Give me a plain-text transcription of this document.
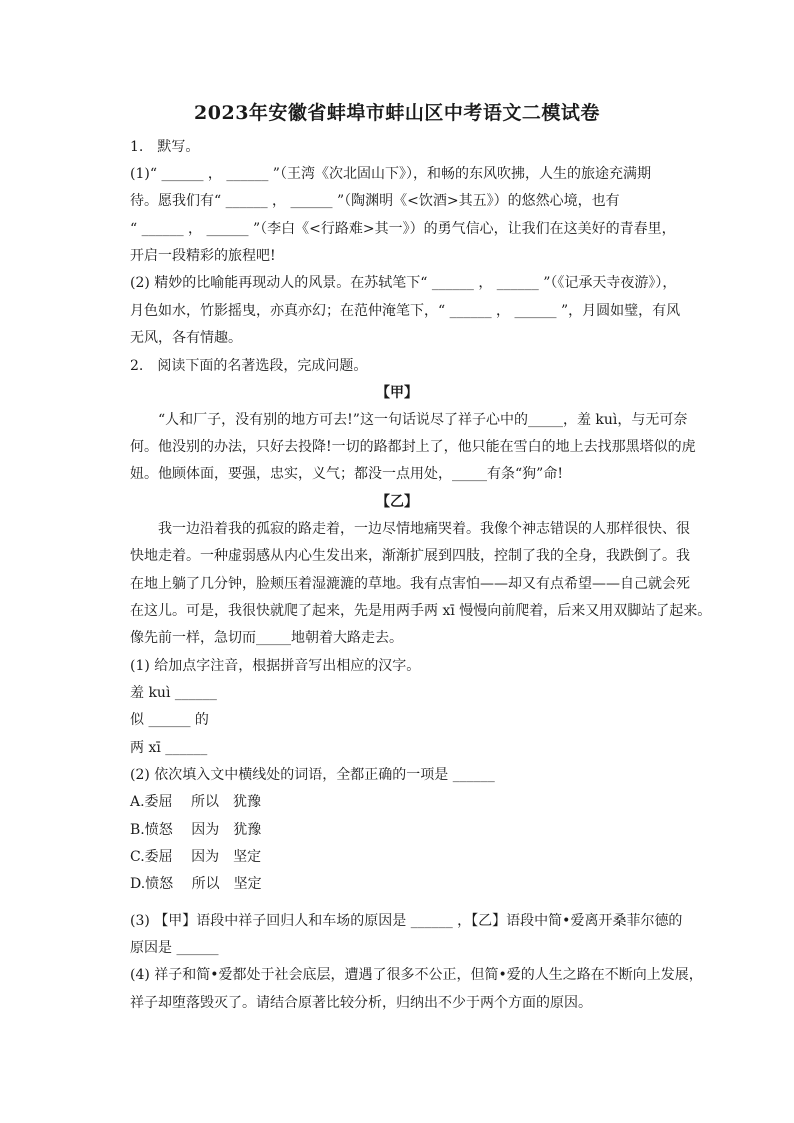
2023年安徽省蚌埠市蚌山区中考语文二模试卷
1.　默写。
(1)“ ______ ， ______ ”（王湾《次北固山下》），和畅的东风吹拂，人生的旅途充满期
待。愿我们有“ ______ ， ______ ”（陶渊明《<饮酒>其五》）的悠然心境，也有
“ ______ ， ______ ”（李白《<行路难>其一》）的勇气信心，让我们在这美好的青春里，
开启一段精彩的旅程吧!
(2) 精妙的比喻能再现动人的风景。在苏轼笔下“ ______ ， ______ ”（《记承天寺夜游》），
月色如水，竹影摇曳，亦真亦幻；在范仲淹笔下，“ ______ ， ______ ”，月圆如璧，有风
无风，各有情趣。
2.　阅读下面的名著选段，完成问题。
【甲】
“人和厂子，没有别的地方可去!”这一句话说尽了祥子心中的_____，羞 kuì，与无可奈
何。他没别的办法，只好去投降!一切的路都封上了，他只能在雪白的地上去找那黑塔似的虎
妞。他顾体面，要强，忠实，义气；都没一点用处，_____有条“狗”命!
【乙】
我一边沿着我的孤寂的路走着，一边尽情地痛哭着。我像个神志错误的人那样很快、很
快地走着。一种虚弱感从内心生发出来，渐渐扩展到四肢，控制了我的全身，我跌倒了。我
在地上躺了几分钟，脸颊压着湿漉漉的草地。我有点害怕——却又有点希望——自己就会死
在这儿。可是，我很快就爬了起来，先是用两手两 xī 慢慢向前爬着，后来又用双脚站了起来。
像先前一样，急切而_____地朝着大路走去。
(1) 给加点字注音，根据拼音写出相应的汉字。
羞 kuì ______
似 ______ 的
两 xī ______
(2) 依次填入文中横线处的词语，全都正确的一项是 ______
A.委屈　 所以　犹豫
B.愤怒　 因为　犹豫
C.委屈　 因为　坚定
D.愤怒　 所以　坚定
(3) 【甲】语段中祥子回归人和车场的原因是 ______ ，【乙】语段中简•爱离开桑菲尔德的
原因是 ______
(4) 祥子和简•爱都处于社会底层，遭遇了很多不公正，但简•爱的人生之路在不断向上发展，
祥子却堕落毁灭了。请结合原著比较分析，归纳出不少于两个方面的原因。
